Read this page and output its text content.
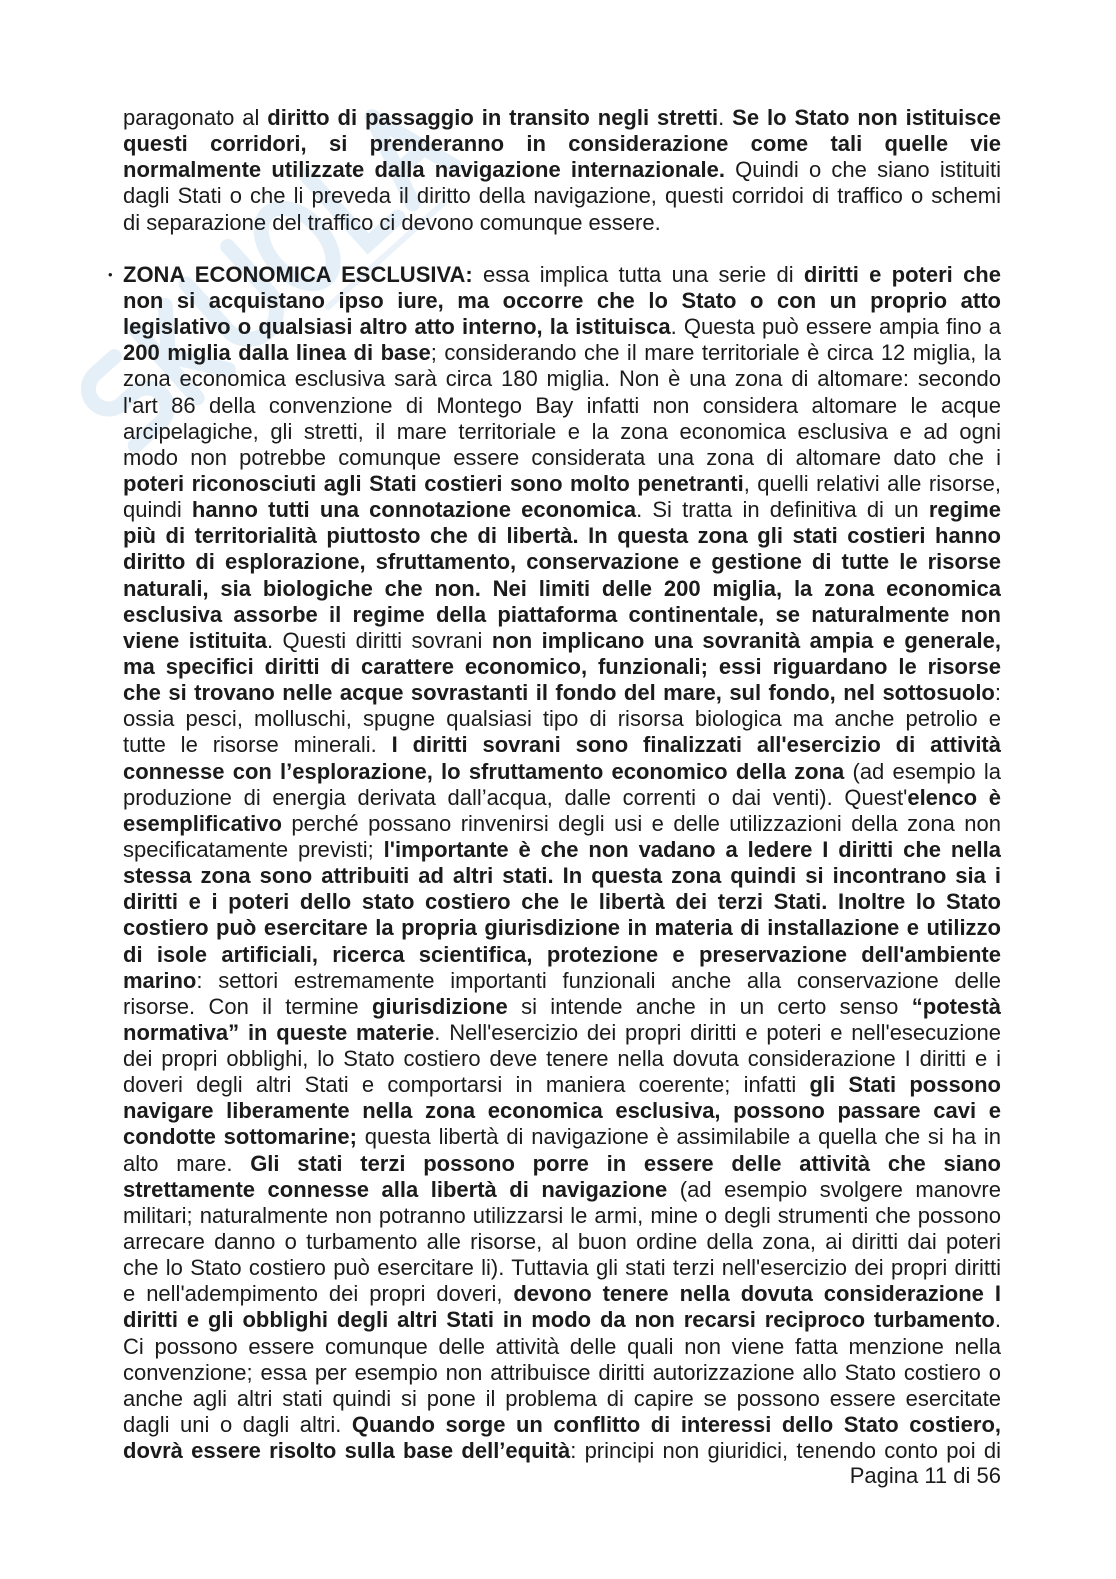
paragonato al diritto di passaggio in transito negli stretti. Se lo Stato non istituisce
questi corridori, si prenderanno in considerazione come tali quelle vie
normalmente utilizzate dalla navigazione internazionale. Quindi o che siano istituiti
dagli Stati o che li preveda il diritto della navigazione, questi corridoi di traffico o schemi
di separazione del traffico ci devono comunque essere.
• ZONA ECONOMICA ESCLUSIVA: essa implica tutta una serie di diritti e poteri che
non si acquistano ipso iure, ma occorre che lo Stato o con un proprio atto
legislativo o qualsiasi altro atto interno, la istituisca. Questa può essere ampia fino a
200 miglia dalla linea di base; considerando che il mare territoriale è circa 12 miglia, la
zona economica esclusiva sarà circa 180 miglia. Non è una zona di altomare: secondo
l'art 86 della convenzione di Montego Bay infatti non considera altomare le acque
arcipelagiche, gli stretti, il mare territoriale e la zona economica esclusiva e ad ogni
modo non potrebbe comunque essere considerata una zona di altomare dato che i
poteri riconosciuti agli Stati costieri sono molto penetranti, quelli relativi alle risorse,
quindi hanno tutti una connotazione economica. Si tratta in definitiva di un regime
più di territorialità piuttosto che di libertà. In questa zona gli stati costieri hanno
diritto di esplorazione, sfruttamento, conservazione e gestione di tutte le risorse
naturali, sia biologiche che non. Nei limiti delle 200 miglia, la zona economica
esclusiva assorbe il regime della piattaforma continentale, se naturalmente non
viene istituita. Questi diritti sovrani non implicano una sovranità ampia e generale,
ma specifici diritti di carattere economico, funzionali; essi riguardano le risorse
che si trovano nelle acque sovrastanti il fondo del mare, sul fondo, nel sottosuolo:
ossia pesci, molluschi, spugne qualsiasi tipo di risorsa biologica ma anche petrolio e
tutte le risorse minerali. I diritti sovrani sono finalizzati all'esercizio di attività
connesse con l’esplorazione, lo sfruttamento economico della zona (ad esempio la
produzione di energia derivata dall’acqua, dalle correnti o dai venti). Quest'elenco è
esemplificativo perché possano rinvenirsi degli usi e delle utilizzazioni della zona non
specificatamente previsti; l'importante è che non vadano a ledere I diritti che nella
stessa zona sono attribuiti ad altri stati. In questa zona quindi si incontrano sia i
diritti e i poteri dello stato costiero che le libertà dei terzi Stati. Inoltre lo Stato
costiero può esercitare la propria giurisdizione in materia di installazione e utilizzo
di isole artificiali, ricerca scientifica, protezione e preservazione dell'ambiente
marino: settori estremamente importanti funzionali anche alla conservazione delle
risorse. Con il termine giurisdizione si intende anche in un certo senso “potestà
normativa” in queste materie. Nell'esercizio dei propri diritti e poteri e nell'esecuzione
dei propri obblighi, lo Stato costiero deve tenere nella dovuta considerazione I diritti e i
doveri degli altri Stati e comportarsi in maniera coerente; infatti gli Stati possono
navigare liberamente nella zona economica esclusiva, possono passare cavi e
condotte sottomarine; questa libertà di navigazione è assimilabile a quella che si ha in
alto mare. Gli stati terzi possono porre in essere delle attività che siano
strettamente connesse alla libertà di navigazione (ad esempio svolgere manovre
militari; naturalmente non potranno utilizzarsi le armi, mine o degli strumenti che possono
arrecare danno o turbamento alle risorse, al buon ordine della zona, ai diritti dai poteri
che lo Stato costiero può esercitare li). Tuttavia gli stati terzi nell'esercizio dei propri diritti
e nell'adempimento dei propri doveri, devono tenere nella dovuta considerazione I
diritti e gli obblighi degli altri Stati in modo da non recarsi reciproco turbamento.
Ci possono essere comunque delle attività delle quali non viene fatta menzione nella
convenzione; essa per esempio non attribuisce diritti autorizzazione allo Stato costiero o
anche agli altri stati quindi si pone il problema di capire se possono essere esercitate
dagli uni o dagli altri. Quando sorge un conflitto di interessi dello Stato costiero,
dovrà essere risolto sulla base dell’equità: principi non giuridici, tenendo conto poi di
Pagina 11 di 56
